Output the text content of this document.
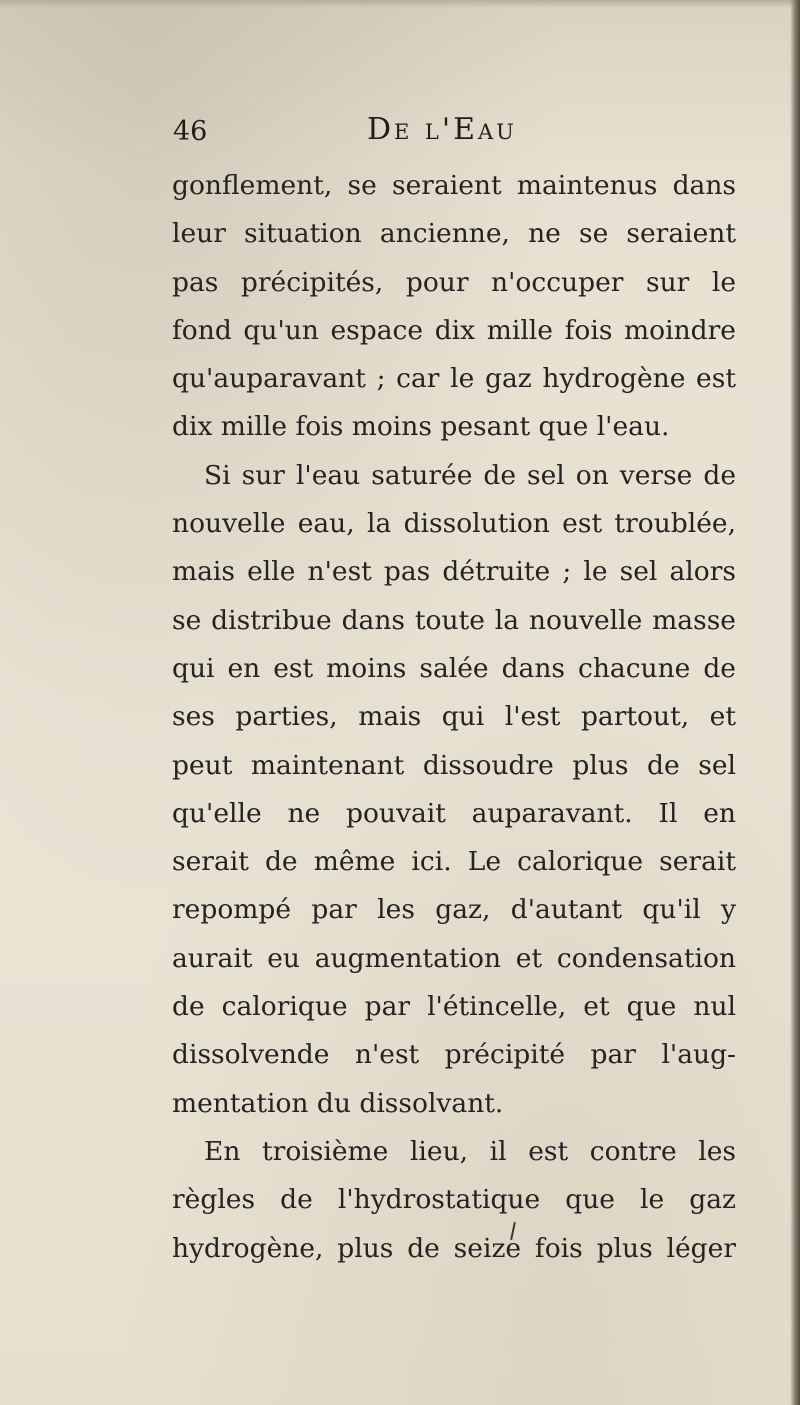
46	De l'Eau
gonflement, se seraient maintenus dans
leur situation ancienne, ne se seraient
pas précipités, pour n'occuper sur le
fond qu'un espace dix mille fois moindre
qu'auparavant ; car le gaz hydrogène est
dix mille fois moins pesant que l'eau.
Si sur l'eau saturée de sel on verse de
nouvelle eau, la dissolution est troublée,
mais elle n'est pas détruite ; le sel alors
se distribue dans toute la nouvelle masse
qui en est moins salée dans chacune de
ses parties, mais qui l'est partout, et
peut maintenant dissoudre plus de sel
qu'elle ne pouvait auparavant. Il en
serait de même ici. Le calorique serait
repompé par les gaz, d'autant qu'il y
aurait eu augmentation et condensation
de calorique par l'étincelle, et que nul
dissolvende n'est précipité par l'aug-
mentation du dissolvant.
En troisième lieu, il est contre les
règles de l'hydrostatique que le gaz
hydrogène, plus de seize fois plus léger
